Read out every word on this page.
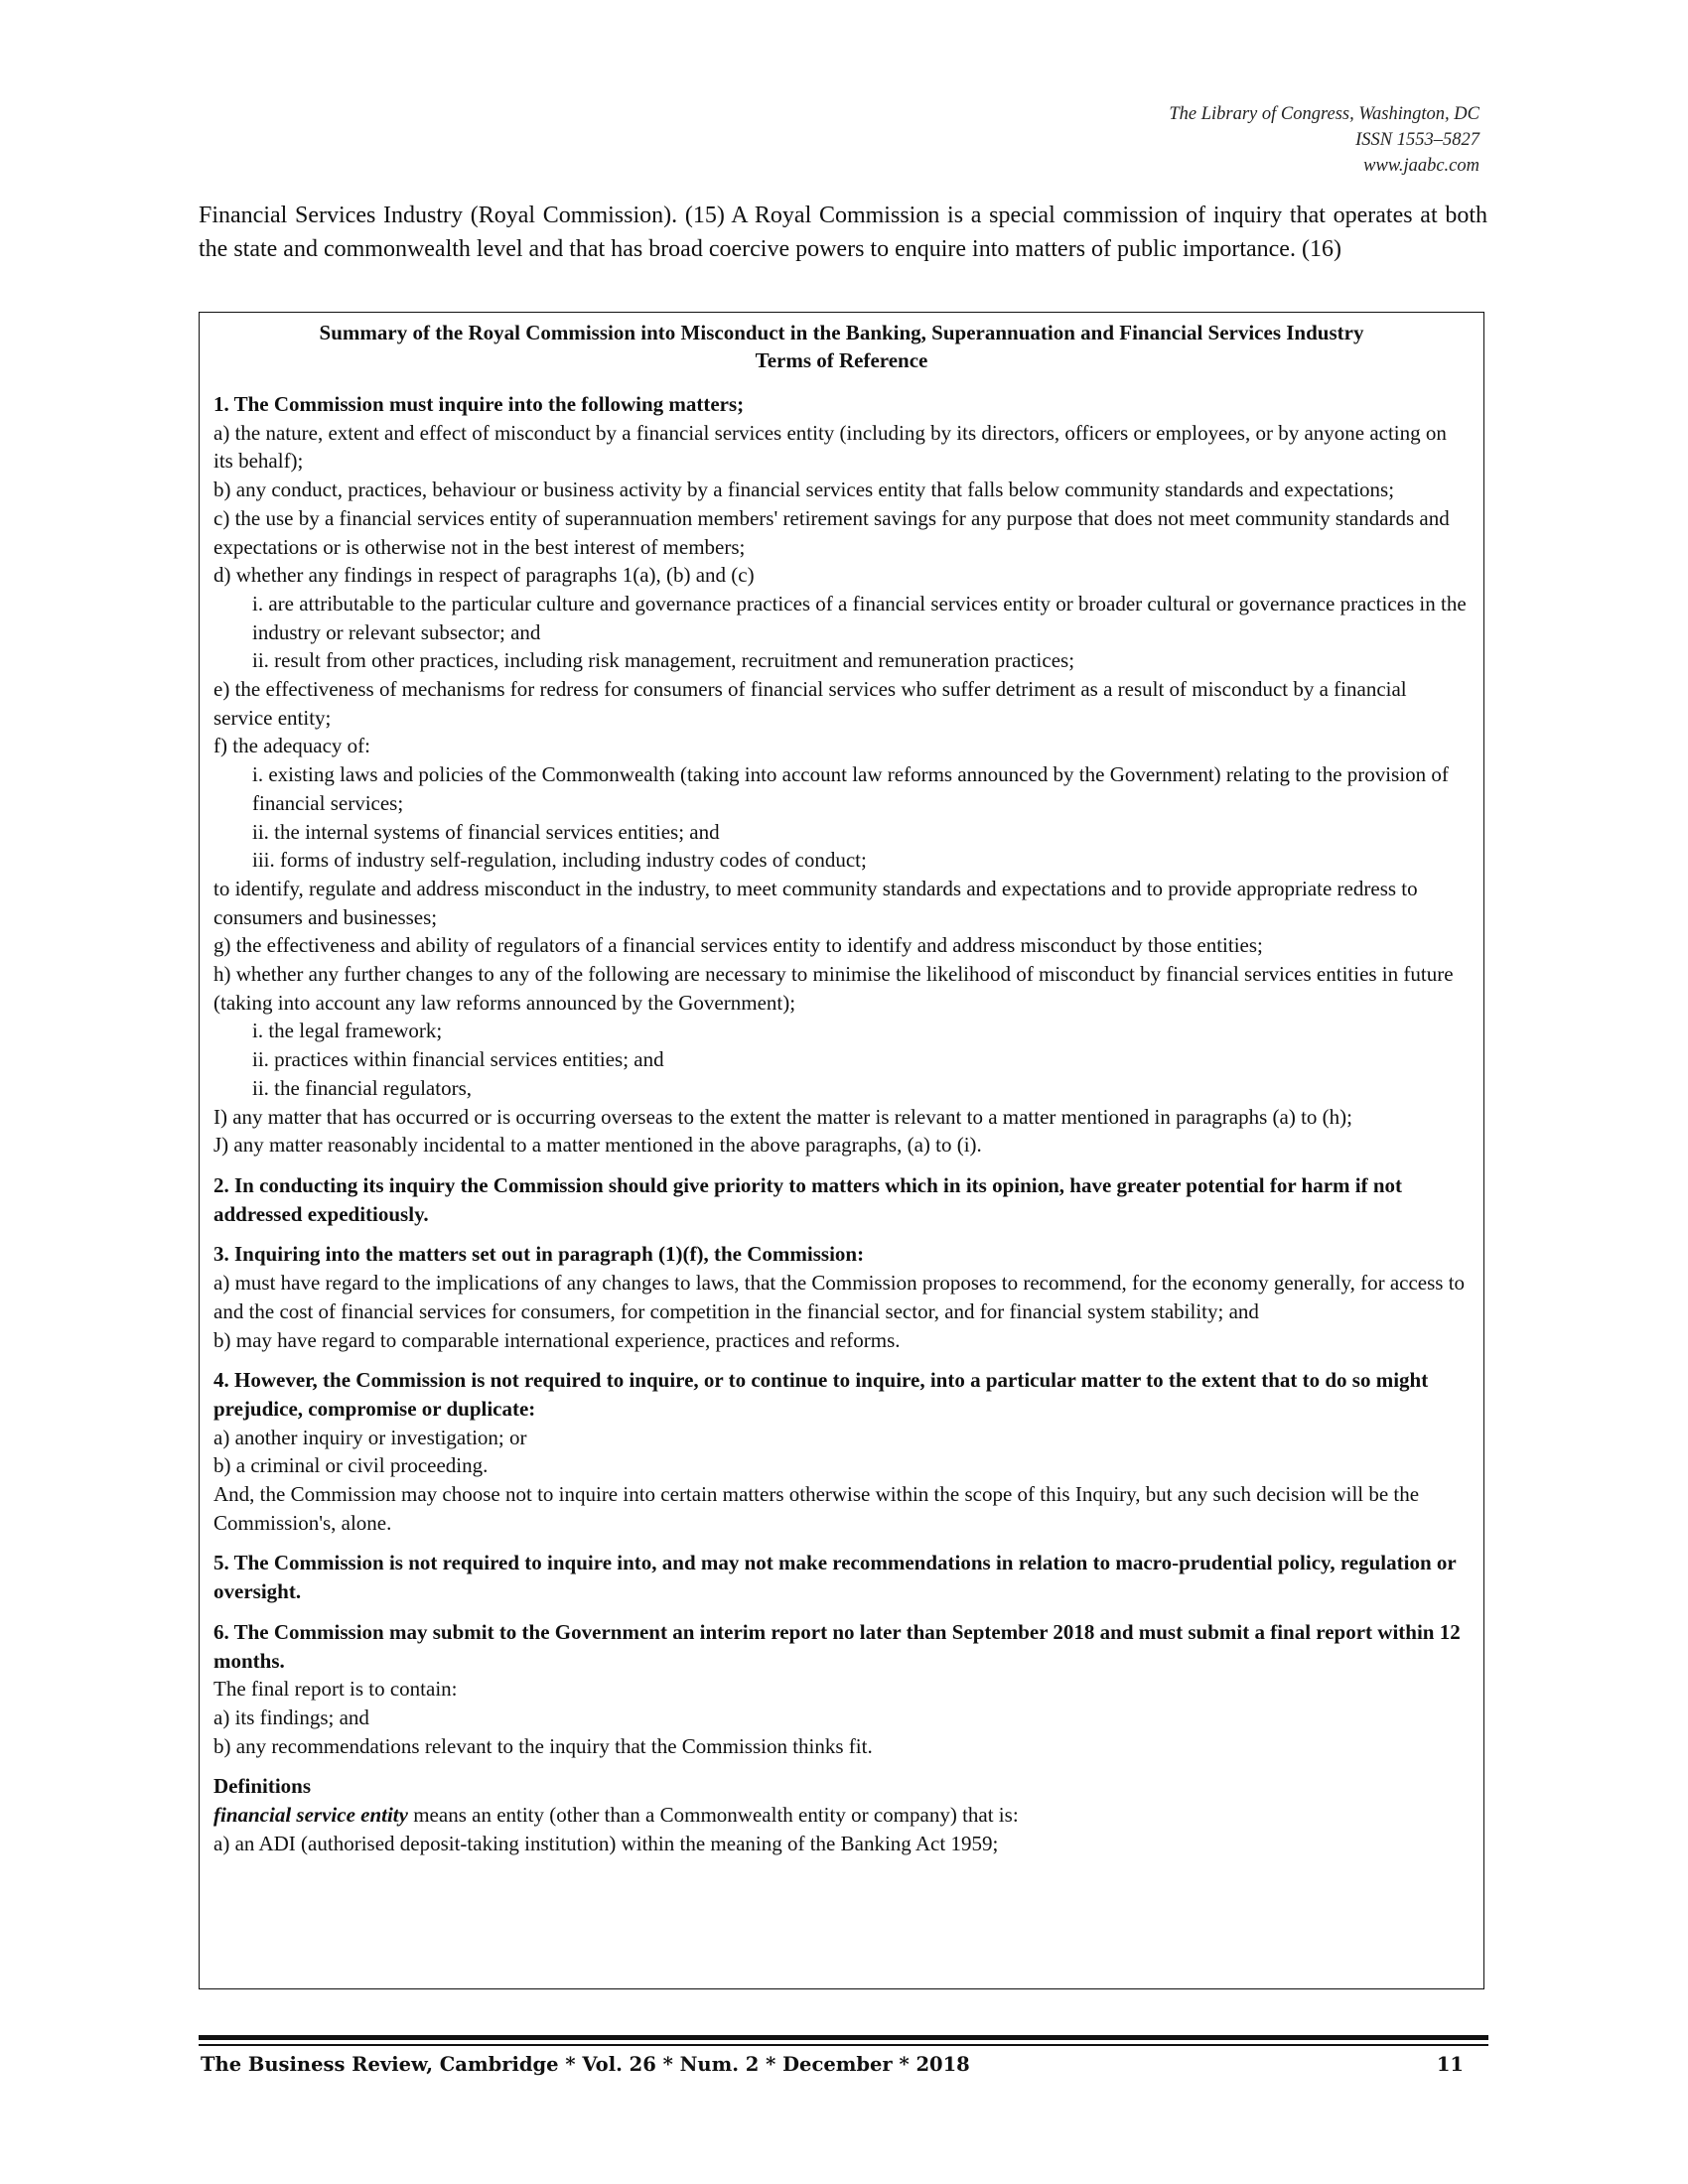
The Library of Congress, Washington, DC
ISSN 1553–5827
www.jaabc.com
Financial Services Industry (Royal Commission). (15) A Royal Commission is a special commission of inquiry that operates at both the state and commonwealth level and that has broad coercive powers to enquire into matters of public importance. (16)
Summary of the Royal Commission into Misconduct in the Banking, Superannuation and Financial Services Industry
Terms of Reference
1. The Commission must inquire into the following matters;
a) the nature, extent and effect of misconduct by a financial services entity (including by its directors, officers or employees, or by anyone acting on its behalf);
b) any conduct, practices, behaviour or business activity by a financial services entity that falls below community standards and expectations;
c) the use by a financial services entity of superannuation members' retirement savings for any purpose that does not meet community standards and expectations or is otherwise not in the best interest of members;
d) whether any findings in respect of paragraphs 1(a), (b) and (c)
i. are attributable to the particular culture and governance practices of a financial services entity or broader cultural or governance practices in the industry or relevant subsector; and
ii. result from other practices, including risk management, recruitment and remuneration practices;
e) the effectiveness of mechanisms for redress for consumers of financial services who suffer detriment as a result of misconduct by a financial service entity;
f) the adequacy of:
i. existing laws and policies of the Commonwealth (taking into account law reforms announced by the Government) relating to the provision of financial services;
ii. the internal systems of financial services entities; and
iii. forms of industry self-regulation, including industry codes of conduct;
to identify, regulate and address misconduct in the industry, to meet community standards and expectations and to provide appropriate redress to consumers and businesses;
g) the effectiveness and ability of regulators of a financial services entity to identify and address misconduct by those entities;
h) whether any further changes to any of the following are necessary to minimise the likelihood of misconduct by financial services entities in future (taking into account any law reforms announced by the Government);
i. the legal framework;
ii. practices within financial services entities; and
ii. the financial regulators,
I) any matter that has occurred or is occurring overseas to the extent the matter is relevant to a matter mentioned in paragraphs (a) to (h);
J) any matter reasonably incidental to a matter mentioned in the above paragraphs, (a) to (i).
2. In conducting its inquiry the Commission should give priority to matters which in its opinion, have greater potential for harm if not addressed expeditiously.
3. Inquiring into the matters set out in paragraph (1)(f), the Commission:
a) must have regard to the implications of any changes to laws, that the Commission proposes to recommend, for the economy generally, for access to and the cost of financial services for consumers, for competition in the financial sector, and for financial system stability; and
b) may have regard to comparable international experience, practices and reforms.
4. However, the Commission is not required to inquire, or to continue to inquire, into a particular matter to the extent that to do so might prejudice, compromise or duplicate:
a) another inquiry or investigation; or
b) a criminal or civil proceeding.
And, the Commission may choose not to inquire into certain matters otherwise within the scope of this Inquiry, but any such decision will be the Commission's, alone.
5. The Commission is not required to inquire into, and may not make recommendations in relation to macro-prudential policy, regulation or oversight.
6. The Commission may submit to the Government an interim report no later than September 2018 and must submit a final report within 12 months.
The final report is to contain:
a) its findings; and
b) any recommendations relevant to the inquiry that the Commission thinks fit.
Definitions
financial service entity means an entity (other than a Commonwealth entity or company) that is:
a) an ADI (authorised deposit-taking institution) within the meaning of the Banking Act 1959;
The Business Review, Cambridge * Vol. 26 * Num. 2 * December * 2018	11
